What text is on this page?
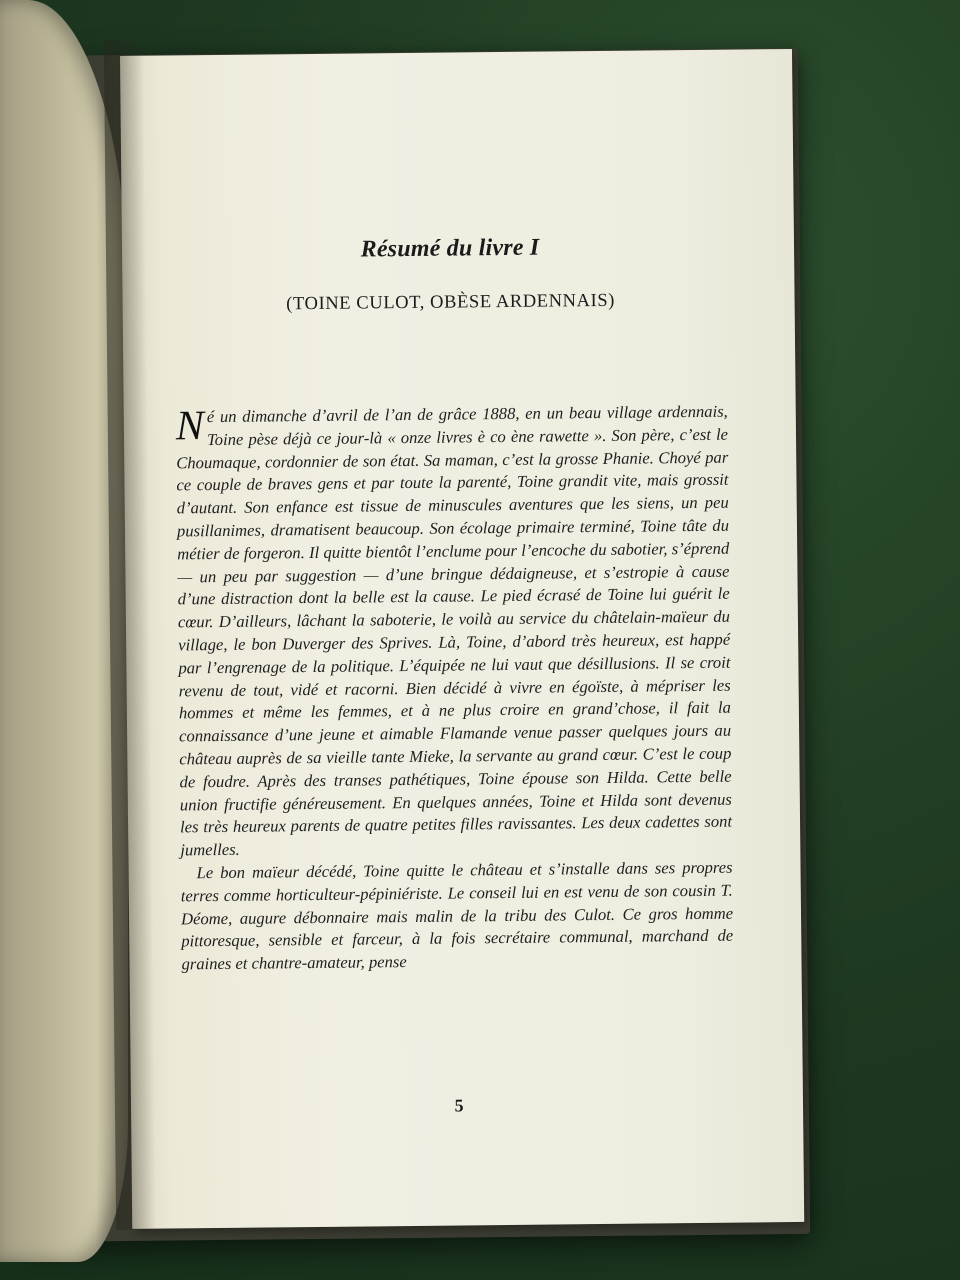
Résumé du livre I
(TOINE CULOT, OBÈSE ARDENNAIS)

Né un dimanche d’avril de l’an de grâce 1888, en un beau village ardennais, Toine pèse déjà ce jour-là « onze livres è co ène rawette ». Son père, c’est le Choumaque, cordonnier de son état. Sa maman, c’est la grosse Phanie. Choyé par ce couple de braves gens et par toute la parenté, Toine grandit vite, mais grossit d’autant. Son enfance est tissue de minuscules aventures que les siens, un peu pusillanimes, dramatisent beaucoup. Son écolage primaire terminé, Toine tâte du métier de forgeron. Il quitte bientôt l’enclume pour l’encoche du sabotier, s’éprend — un peu par suggestion — d’une bringue dédaigneuse, et s’estropie à cause d’une distraction dont la belle est la cause. Le pied écrasé de Toine lui guérit le cœur. D’ailleurs, lâchant la saboterie, le voilà au service du châtelain-maïeur du village, le bon Duverger des Sprives. Là, Toine, d’abord très heureux, est happé par l’engrenage de la politique. L’équipée ne lui vaut que désillusions. Il se croit revenu de tout, vidé et racorni. Bien décidé à vivre en égoïste, à mépriser les hommes et même les femmes, et à ne plus croire en grand’chose, il fait la connaissance d’une jeune et aimable Flamande venue passer quelques jours au château auprès de sa vieille tante Mieke, la servante au grand cœur. C’est le coup de foudre. Après des transes pathétiques, Toine épouse son Hilda. Cette belle union fructifie généreusement. En quelques années, Toine et Hilda sont devenus les très heureux parents de quatre petites filles ravissantes. Les deux cadettes sont jumelles.

Le bon maïeur décédé, Toine quitte le château et s’installe dans ses propres terres comme horticulteur-pépiniériste. Le conseil lui en est venu de son cousin T. Déome, augure débonnaire mais malin de la tribu des Culot. Ce gros homme pittoresque, sensible et farceur, à la fois secrétaire communal, marchand de graines et chantre-amateur, pense

5
